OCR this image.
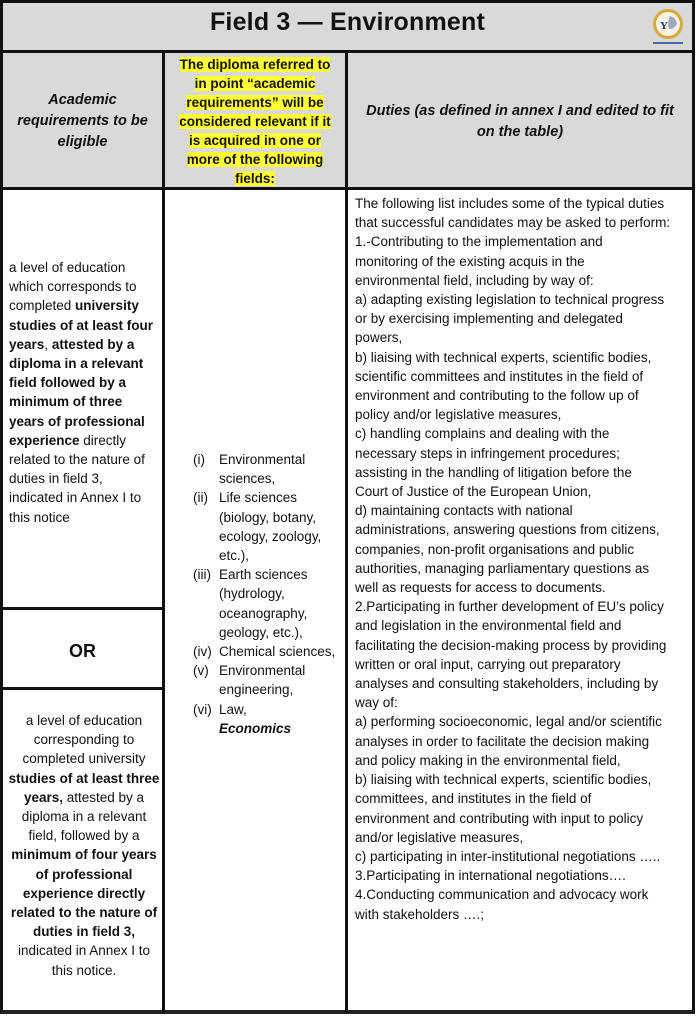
Field 3 — Environment	Y
Academic requirements to be eligible
The diploma referred to in point “academic requirements” will be considered relevant if it is acquired in one or more of the following fields:
Duties (as defined in annex I and edited to fit on the table)
a level of education which corresponds to completed university studies of at least four years, attested by a diploma in a relevant field followed by a minimum of three years of professional experience directly related to the nature of duties in field 3, indicated in Annex I to this notice
OR
a level of education corresponding to completed university studies of at least three years, attested by a diploma in a relevant field, followed by a minimum of four years of professional experience directly related to the nature of duties in field 3, indicated in Annex I to this notice.
(i)	Environmental sciences,
(ii) Life sciences (biology, botany, ecology, zoology, etc.),
(iii) Earth sciences (hydrology, oceanography, geology, etc.),
(iv) Chemical sciences,
(v) Environmental engineering,
(vi) Law,
Economics
The following list includes some of the typical duties
that successful candidates may be asked to perform:
1.-Contributing to the implementation and
monitoring of the existing acquis in the
environmental field, including by way of:
a) adapting existing legislation to technical progress
or by exercising implementing and delegated
powers,
b) liaising with technical experts, scientific bodies,
scientific committees and institutes in the field of
environment and contributing to the follow up of
policy and/or legislative measures,
c) handling complains and dealing with the
necessary steps in infringement procedures;
assisting in the handling of litigation before the
Court of Justice of the European Union,
d) maintaining contacts with national
administrations, answering questions from citizens,
companies, non-profit organisations and public
authorities, managing parliamentary questions as
well as requests for access to documents.
2.Participating in further development of EU’s policy
and legislation in the environmental field and
facilitating the decision-making process by providing
written or oral input, carrying out preparatory
analyses and consulting stakeholders, including by
way of:
a) performing socioeconomic, legal and/or scientific
analyses in order to facilitate the decision making
and policy making in the environmental field,
b) liaising with technical experts, scientific bodies,
committees, and institutes in the field of
environment and contributing with input to policy
and/or legislative measures,
c) participating in inter-institutional negotiations …..
3.Participating in international negotiations….
4.Conducting communication and advocacy work
with stakeholders ….;
